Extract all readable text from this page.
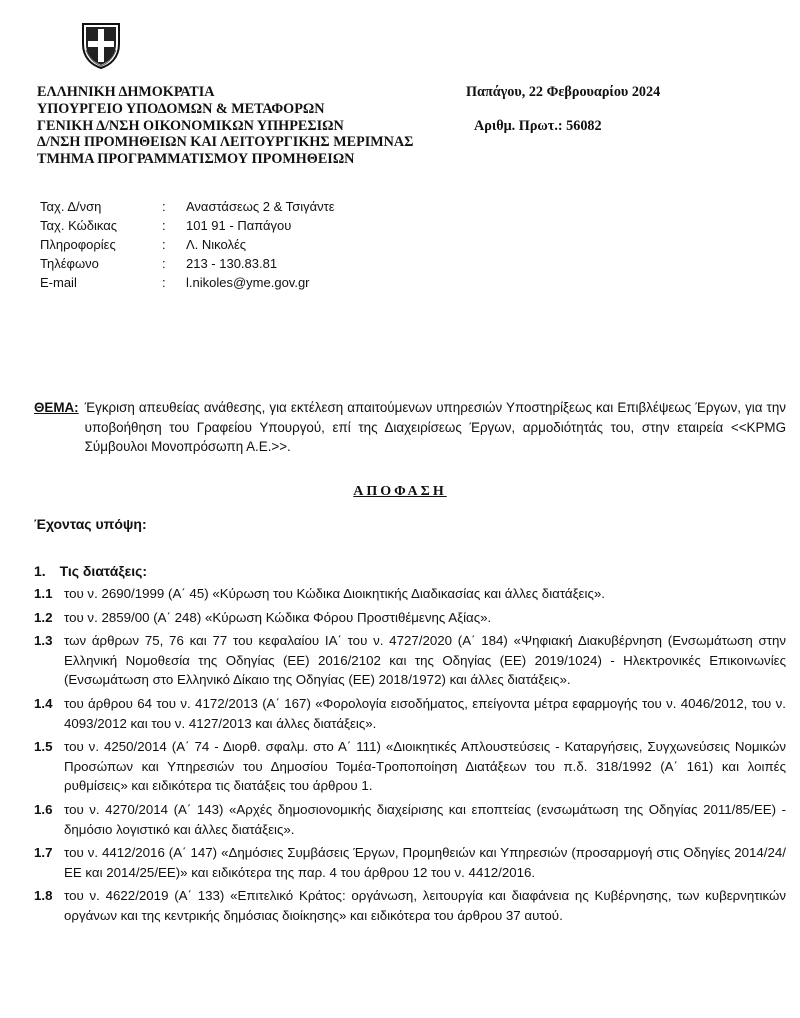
ΕΛΛΗΝΙΚΗ ΔΗΜΟΚΡΑΤΙΑ
ΥΠΟΥΡΓΕΙΟ ΥΠΟΔΟΜΩΝ & ΜΕΤΑΦΟΡΩΝ
ΓΕΝΙΚΗ Δ/ΝΣΗ ΟΙΚΟΝΟΜΙΚΩΝ ΥΠΗΡΕΣΙΩΝ
Δ/ΝΣΗ ΠΡΟΜΗΘΕΙΩΝ ΚΑΙ ΛΕΙΤΟΥΡΓΙΚΗΣ ΜΕΡΙΜΝΑΣ
ΤΜΗΜΑ ΠΡΟΓΡΑΜΜΑΤΙΣΜΟΥ ΠΡΟΜΗΘΕΙΩΝ
Παπάγου, 22 Φεβρουαρίου 2024
Αριθμ. Πρωτ.: 56082
Ταχ. Δ/νση	:	Αναστάσεως 2 & Τσιγάντε
Ταχ. Κώδικας	:	101 91 - Παπάγου
Πληροφορίες	:	Λ. Νικολές
Τηλέφωνο	:	213 - 130.83.81
E-mail	:	l.nikoles@yme.gov.gr
ΘΕΜΑ: Έγκριση απευθείας ανάθεσης, για εκτέλεση απαιτούμενων υπηρεσιών Υποστηρίξεως και Επιβλέψεως Έργων, για την υποβοήθηση του Γραφείου Υπουργού, επί της Διαχειρίσεως Έργων, αρμοδιότητάς του, στην εταιρεία <<KPMG Σύμβουλοι Μονοπρόσωπη Α.Ε.>>.
ΑΠΟΦΑΣΗ
Έχοντας υπόψη:
1. Τις διατάξεις:
1.1 του ν. 2690/1999 (Α΄ 45) «Κύρωση του Κώδικα Διοικητικής Διαδικασίας και άλλες διατάξεις».
1.2 του ν. 2859/00 (Α΄ 248) «Κύρωση Κώδικα Φόρου Προστιθέμενης Αξίας».
1.3 των άρθρων 75, 76 και 77 του κεφαλαίου ΙΑ΄ του ν. 4727/2020 (Α΄ 184) «Ψηφιακή Διακυβέρνηση (Ενσωμάτωση στην Ελληνική Νομοθεσία της Οδηγίας (ΕΕ) 2016/2102 και της Οδηγίας (ΕΕ) 2019/1024) - Ηλεκτρονικές Επικοινωνίες (Ενσωμάτωση στο Ελληνικό Δίκαιο της Οδηγίας (ΕΕ) 2018/1972) και άλλες διατάξεις».
1.4 του άρθρου 64 του ν. 4172/2013 (Α΄ 167) «Φορολογία εισοδήματος, επείγοντα μέτρα εφαρμογής του ν. 4046/2012, του ν. 4093/2012 και του ν. 4127/2013 και άλλες διατάξεις».
1.5 του ν. 4250/2014 (Α΄ 74 - Διορθ. σφαλμ. στο Α΄ 111) «Διοικητικές Απλουστεύσεις - Καταργήσεις, Συγχωνεύσεις Νομικών Προσώπων και Υπηρεσιών του Δημοσίου Τομέα-Τροποποίηση Διατάξεων του π.δ. 318/1992 (Α΄ 161) και λοιπές ρυθμίσεις» και ειδικότερα τις διατάξεις του άρθρου 1.
1.6 του ν. 4270/2014 (Α΄ 143) «Αρχές δημοσιονομικής διαχείρισης και εποπτείας (ενσωμάτωση της Οδηγίας 2011/85/ΕΕ) - δημόσιο λογιστικό και άλλες διατάξεις».
1.7 του ν. 4412/2016 (Α΄ 147) «Δημόσιες Συμβάσεις Έργων, Προμηθειών και Υπηρεσιών (προσαρμογή στις Οδηγίες 2014/24/ΕΕ και 2014/25/ΕΕ)» και ειδικότερα της παρ. 4 του άρθρου 12 του ν. 4412/2016.
1.8 του ν. 4622/2019 (Α΄ 133) «Επιτελικό Κράτος: οργάνωση, λειτουργία και διαφάνεια ης Κυβέρνησης, των κυβερνητικών οργάνων και της κεντρικής δημόσιας διοίκησης» και ειδικότερα του άρθρου 37 αυτού.
